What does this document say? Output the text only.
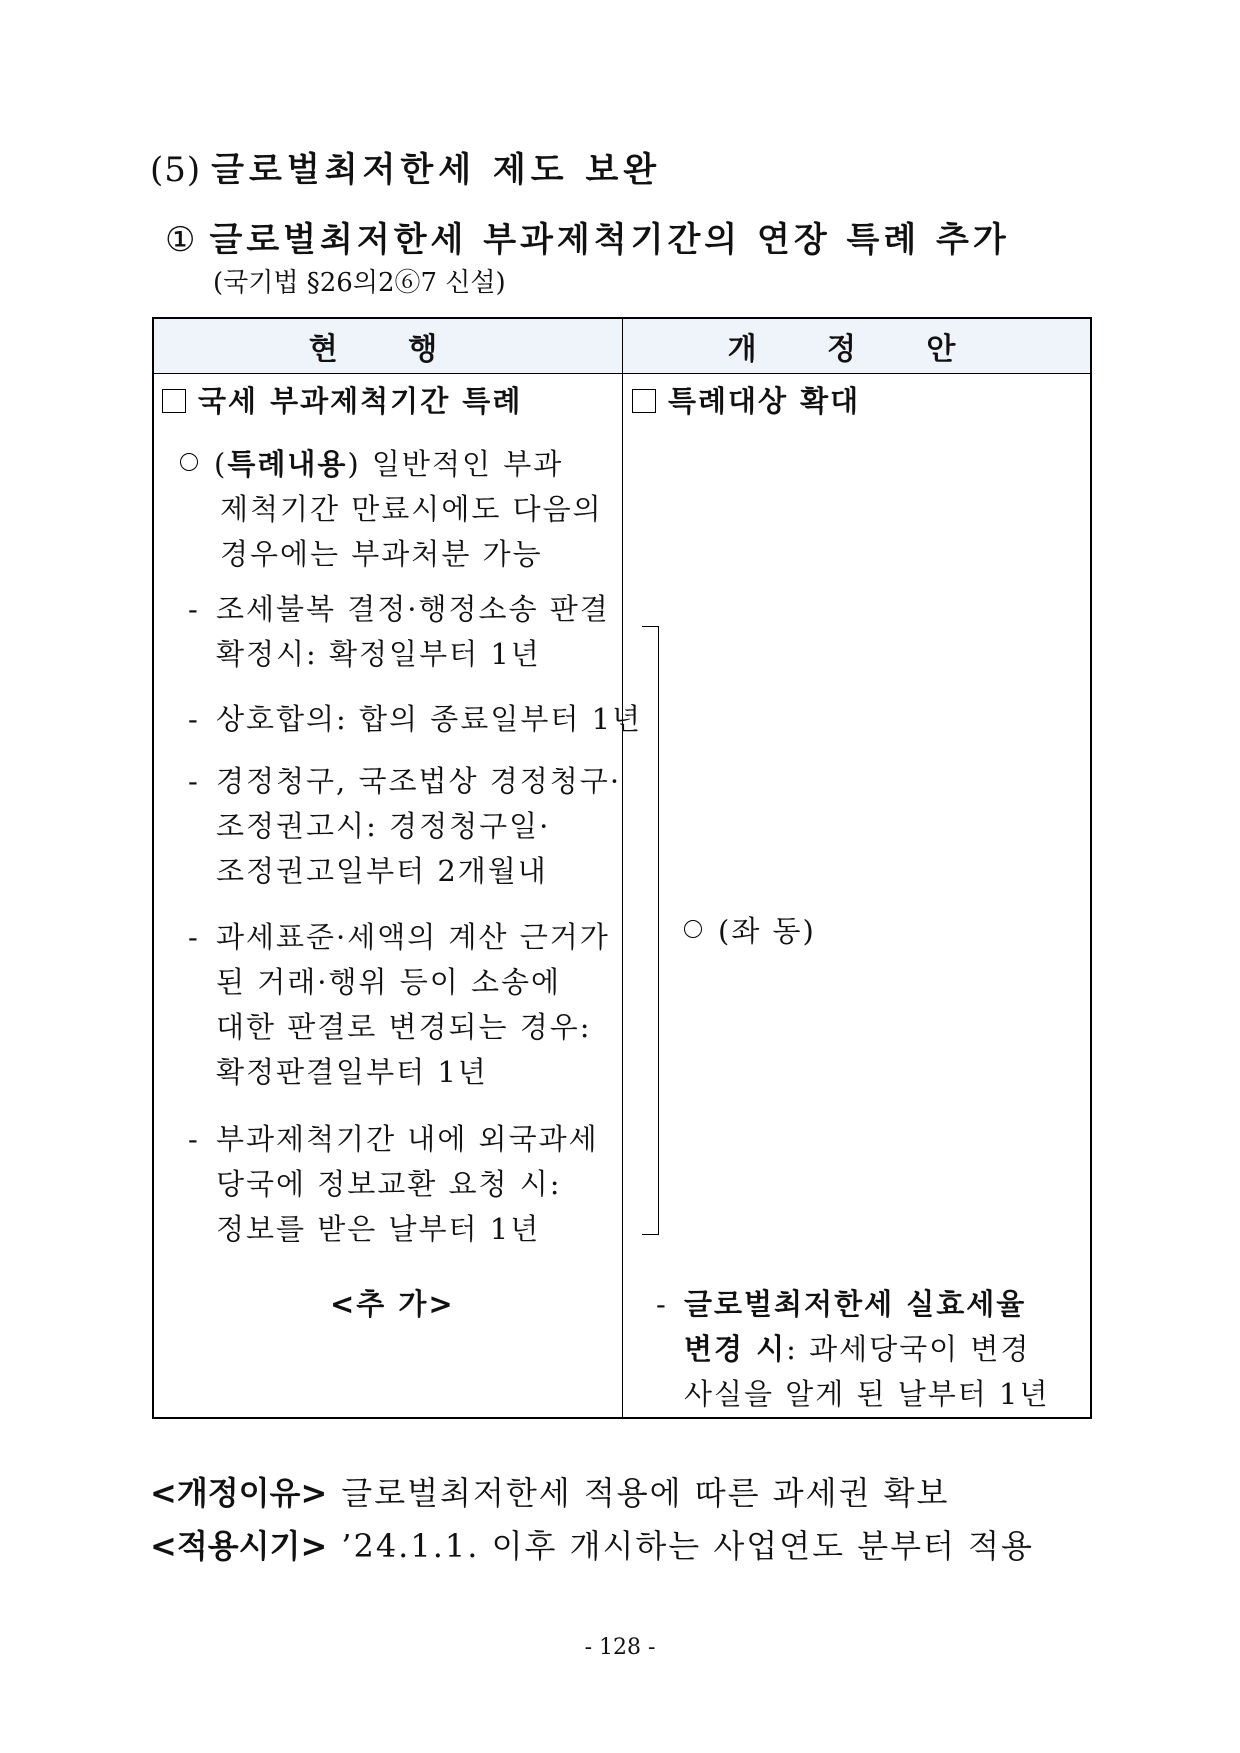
(5) 글로벌최저한세 제도 보완
① 글로벌최저한세 부과제척기간의 연장 특례 추가
(국기법 §26의2⑥7 신설)
현 행	개 정 안
국세 부과제척기간 특례
(특례내용) 일반적인 부과
제척기간 만료시에도 다음의
경우에는 부과처분 가능
- 조세불복 결정·행정소송 판결
확정시: 확정일부터 1년
- 상호합의: 합의 종료일부터 1년
- 경정청구, 국조법상 경정청구·
조정권고시: 경정청구일·
조정권고일부터 2개월내
- 과세표준·세액의 계산 근거가
된 거래·행위 등이 소송에
대한 판결로 변경되는 경우:
확정판결일부터 1년
- 부과제척기간 내에 외국과세
당국에 정보교환 요청 시:
정보를 받은 날부터 1년
<추 가>
특례대상 확대
(좌 동)
- 글로벌최저한세 실효세율
변경 시: 과세당국이 변경
사실을 알게 된 날부터 1년
<개정이유> 글로벌최저한세 적용에 따른 과세권 확보
<적용시기> ’24.1.1. 이후 개시하는 사업연도 분부터 적용
- 128 -
